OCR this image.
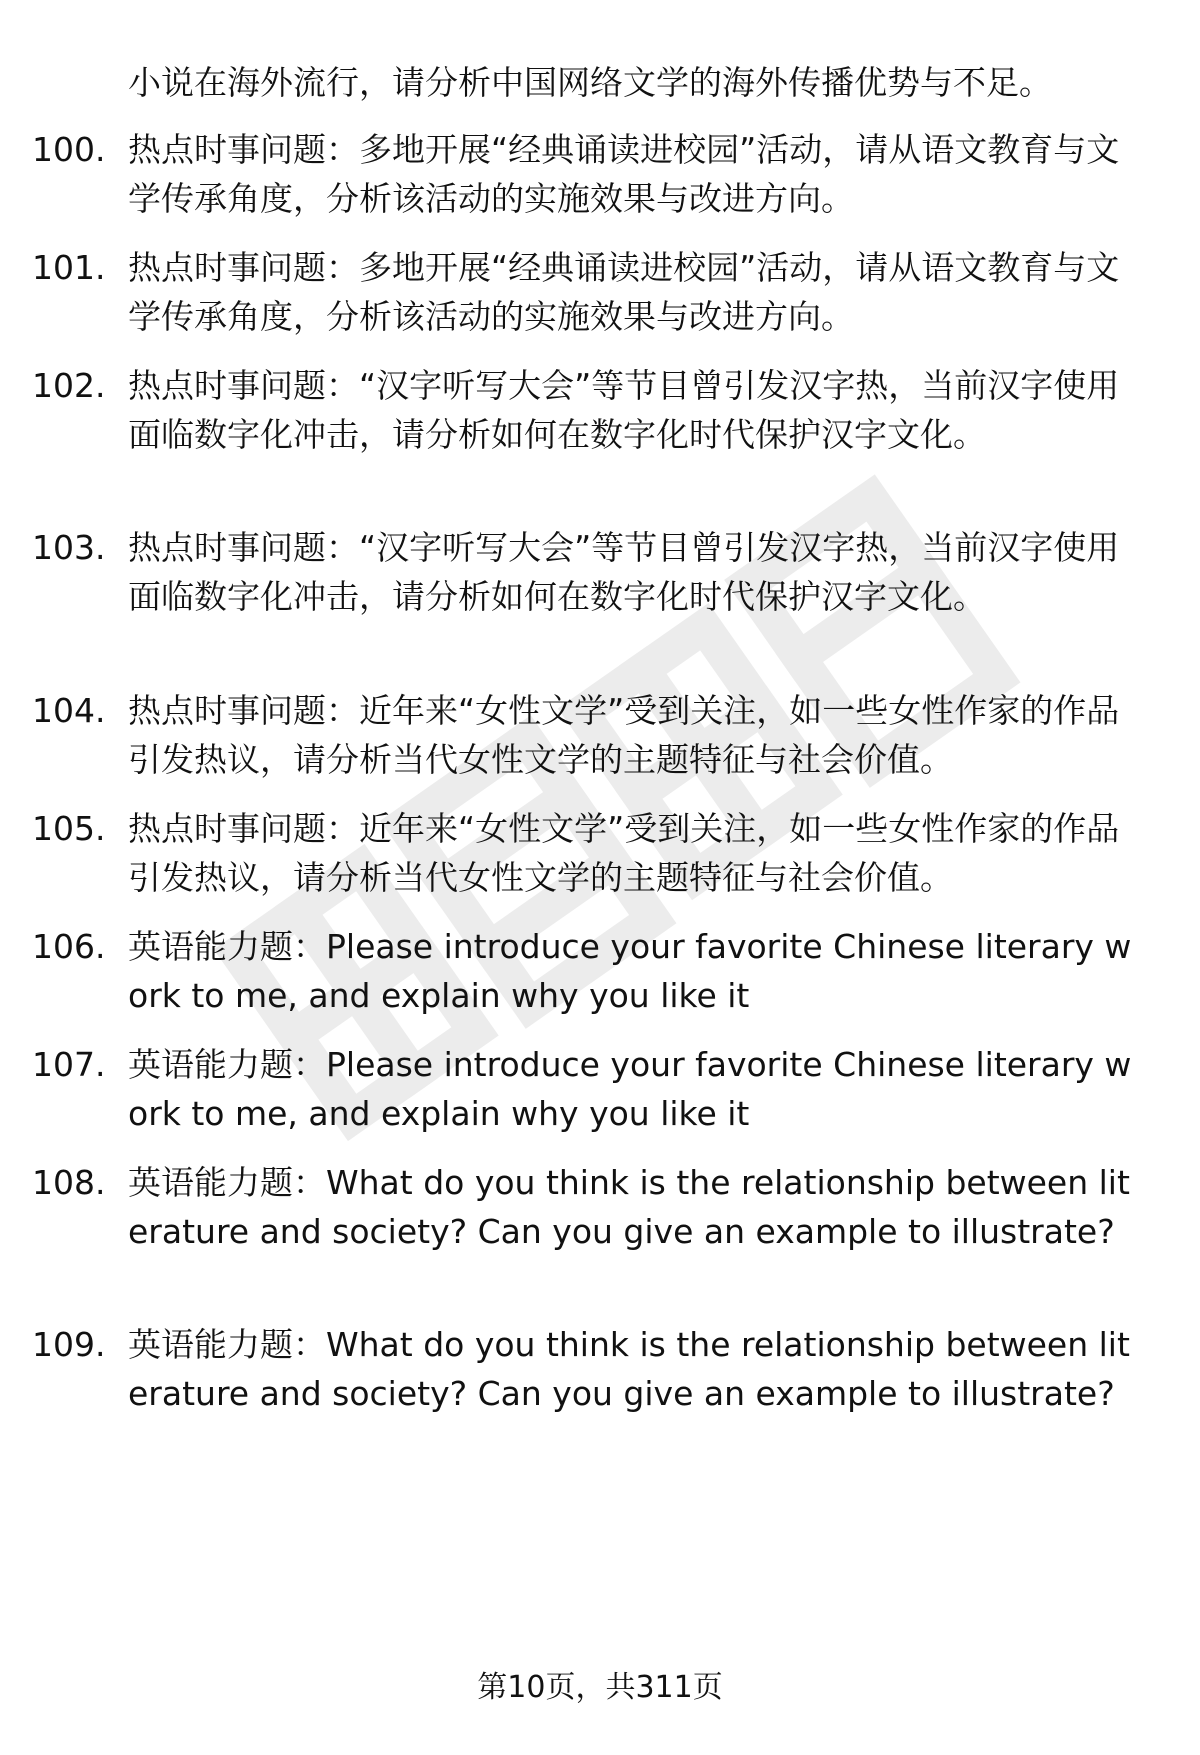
小说在海外流行，请分析中国网络文学的海外传播优势与不足。

100. 热点时事问题：多地开展“经典诵读进校园”活动，请从语文教育与文学传承角度，分析该活动的实施效果与改进方向。
101. 热点时事问题：多地开展“经典诵读进校园”活动，请从语文教育与文学传承角度，分析该活动的实施效果与改进方向。
102. 热点时事问题：“汉字听写大会”等节目曾引发汉字热，当前汉字使用面临数字化冲击，请分析如何在数字化时代保护汉字文化。
103. 热点时事问题：“汉字听写大会”等节目曾引发汉字热，当前汉字使用面临数字化冲击，请分析如何在数字化时代保护汉字文化。
104. 热点时事问题：近年来“女性文学”受到关注，如一些女性作家的作品引发热议，请分析当代女性文学的主题特征与社会价值。
105. 热点时事问题：近年来“女性文学”受到关注，如一些女性作家的作品引发热议，请分析当代女性文学的主题特征与社会价值。
106. 英语能力题：Please introduce your favorite Chinese literary work to me, and explain why you like it
107. 英语能力题：Please introduce your favorite Chinese literary work to me, and explain why you like it
108. 英语能力题：What do you think is the relationship between literature and society? Can you give an example to illustrate?
109. 英语能力题：What do you think is the relationship between literature and society? Can you give an example to illustrate?
第10页，共311页
